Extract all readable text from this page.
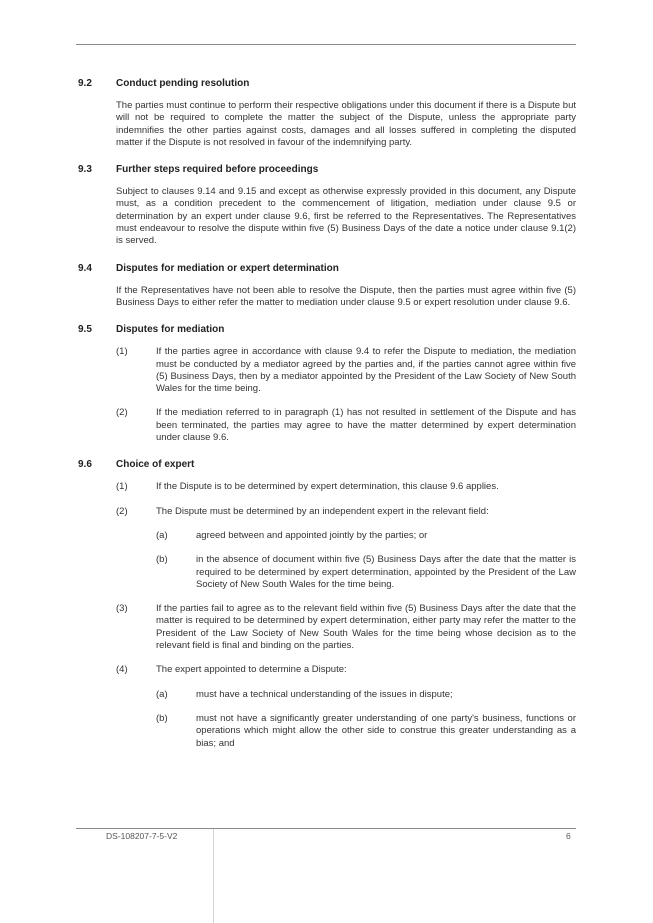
9.2	Conduct pending resolution
The parties must continue to perform their respective obligations under this document if there is a Dispute but will not be required to complete the matter the subject of the Dispute, unless the appropriate party indemnifies the other parties against costs, damages and all losses suffered in completing the disputed matter if the Dispute is not resolved in favour of the indemnifying party.
9.3	Further steps required before proceedings
Subject to clauses 9.14 and 9.15 and except as otherwise expressly provided in this document, any Dispute must, as a condition precedent to the commencement of litigation, mediation under clause 9.5 or determination by an expert under clause 9.6, first be referred to the Representatives. The Representatives must endeavour to resolve the dispute within five (5) Business Days of the date a notice under clause 9.1(2) is served.
9.4	Disputes for mediation or expert determination
If the Representatives have not been able to resolve the Dispute, then the parties must agree within five (5) Business Days to either refer the matter to mediation under clause 9.5 or expert resolution under clause 9.6.
9.5	Disputes for mediation
(1)	If the parties agree in accordance with clause 9.4 to refer the Dispute to mediation, the mediation must be conducted by a mediator agreed by the parties and, if the parties cannot agree within five (5) Business Days, then by a mediator appointed by the President of the Law Society of New South Wales for the time being.
(2)	If the mediation referred to in paragraph (1) has not resulted in settlement of the Dispute and has been terminated, the parties may agree to have the matter determined by expert determination under clause 9.6.
9.6	Choice of expert
(1)	If the Dispute is to be determined by expert determination, this clause 9.6 applies.
(2)	The Dispute must be determined by an independent expert in the relevant field:
(a)	agreed between and appointed jointly by the parties; or
(b)	in the absence of document within five (5) Business Days after the date that the matter is required to be determined by expert determination, appointed by the President of the Law Society of New South Wales for the time being.
(3)	If the parties fail to agree as to the relevant field within five (5) Business Days after the date that the matter is required to be determined by expert determination, either party may refer the matter to the President of the Law Society of New South Wales for the time being whose decision as to the relevant field is final and binding on the parties.
(4)	The expert appointed to determine a Dispute:
(a)	must have a technical understanding of the issues in dispute;
(b)	must not have a significantly greater understanding of one party's business, functions or operations which might allow the other side to construe this greater understanding as a bias; and
DS-108207-7-5-V2	6
